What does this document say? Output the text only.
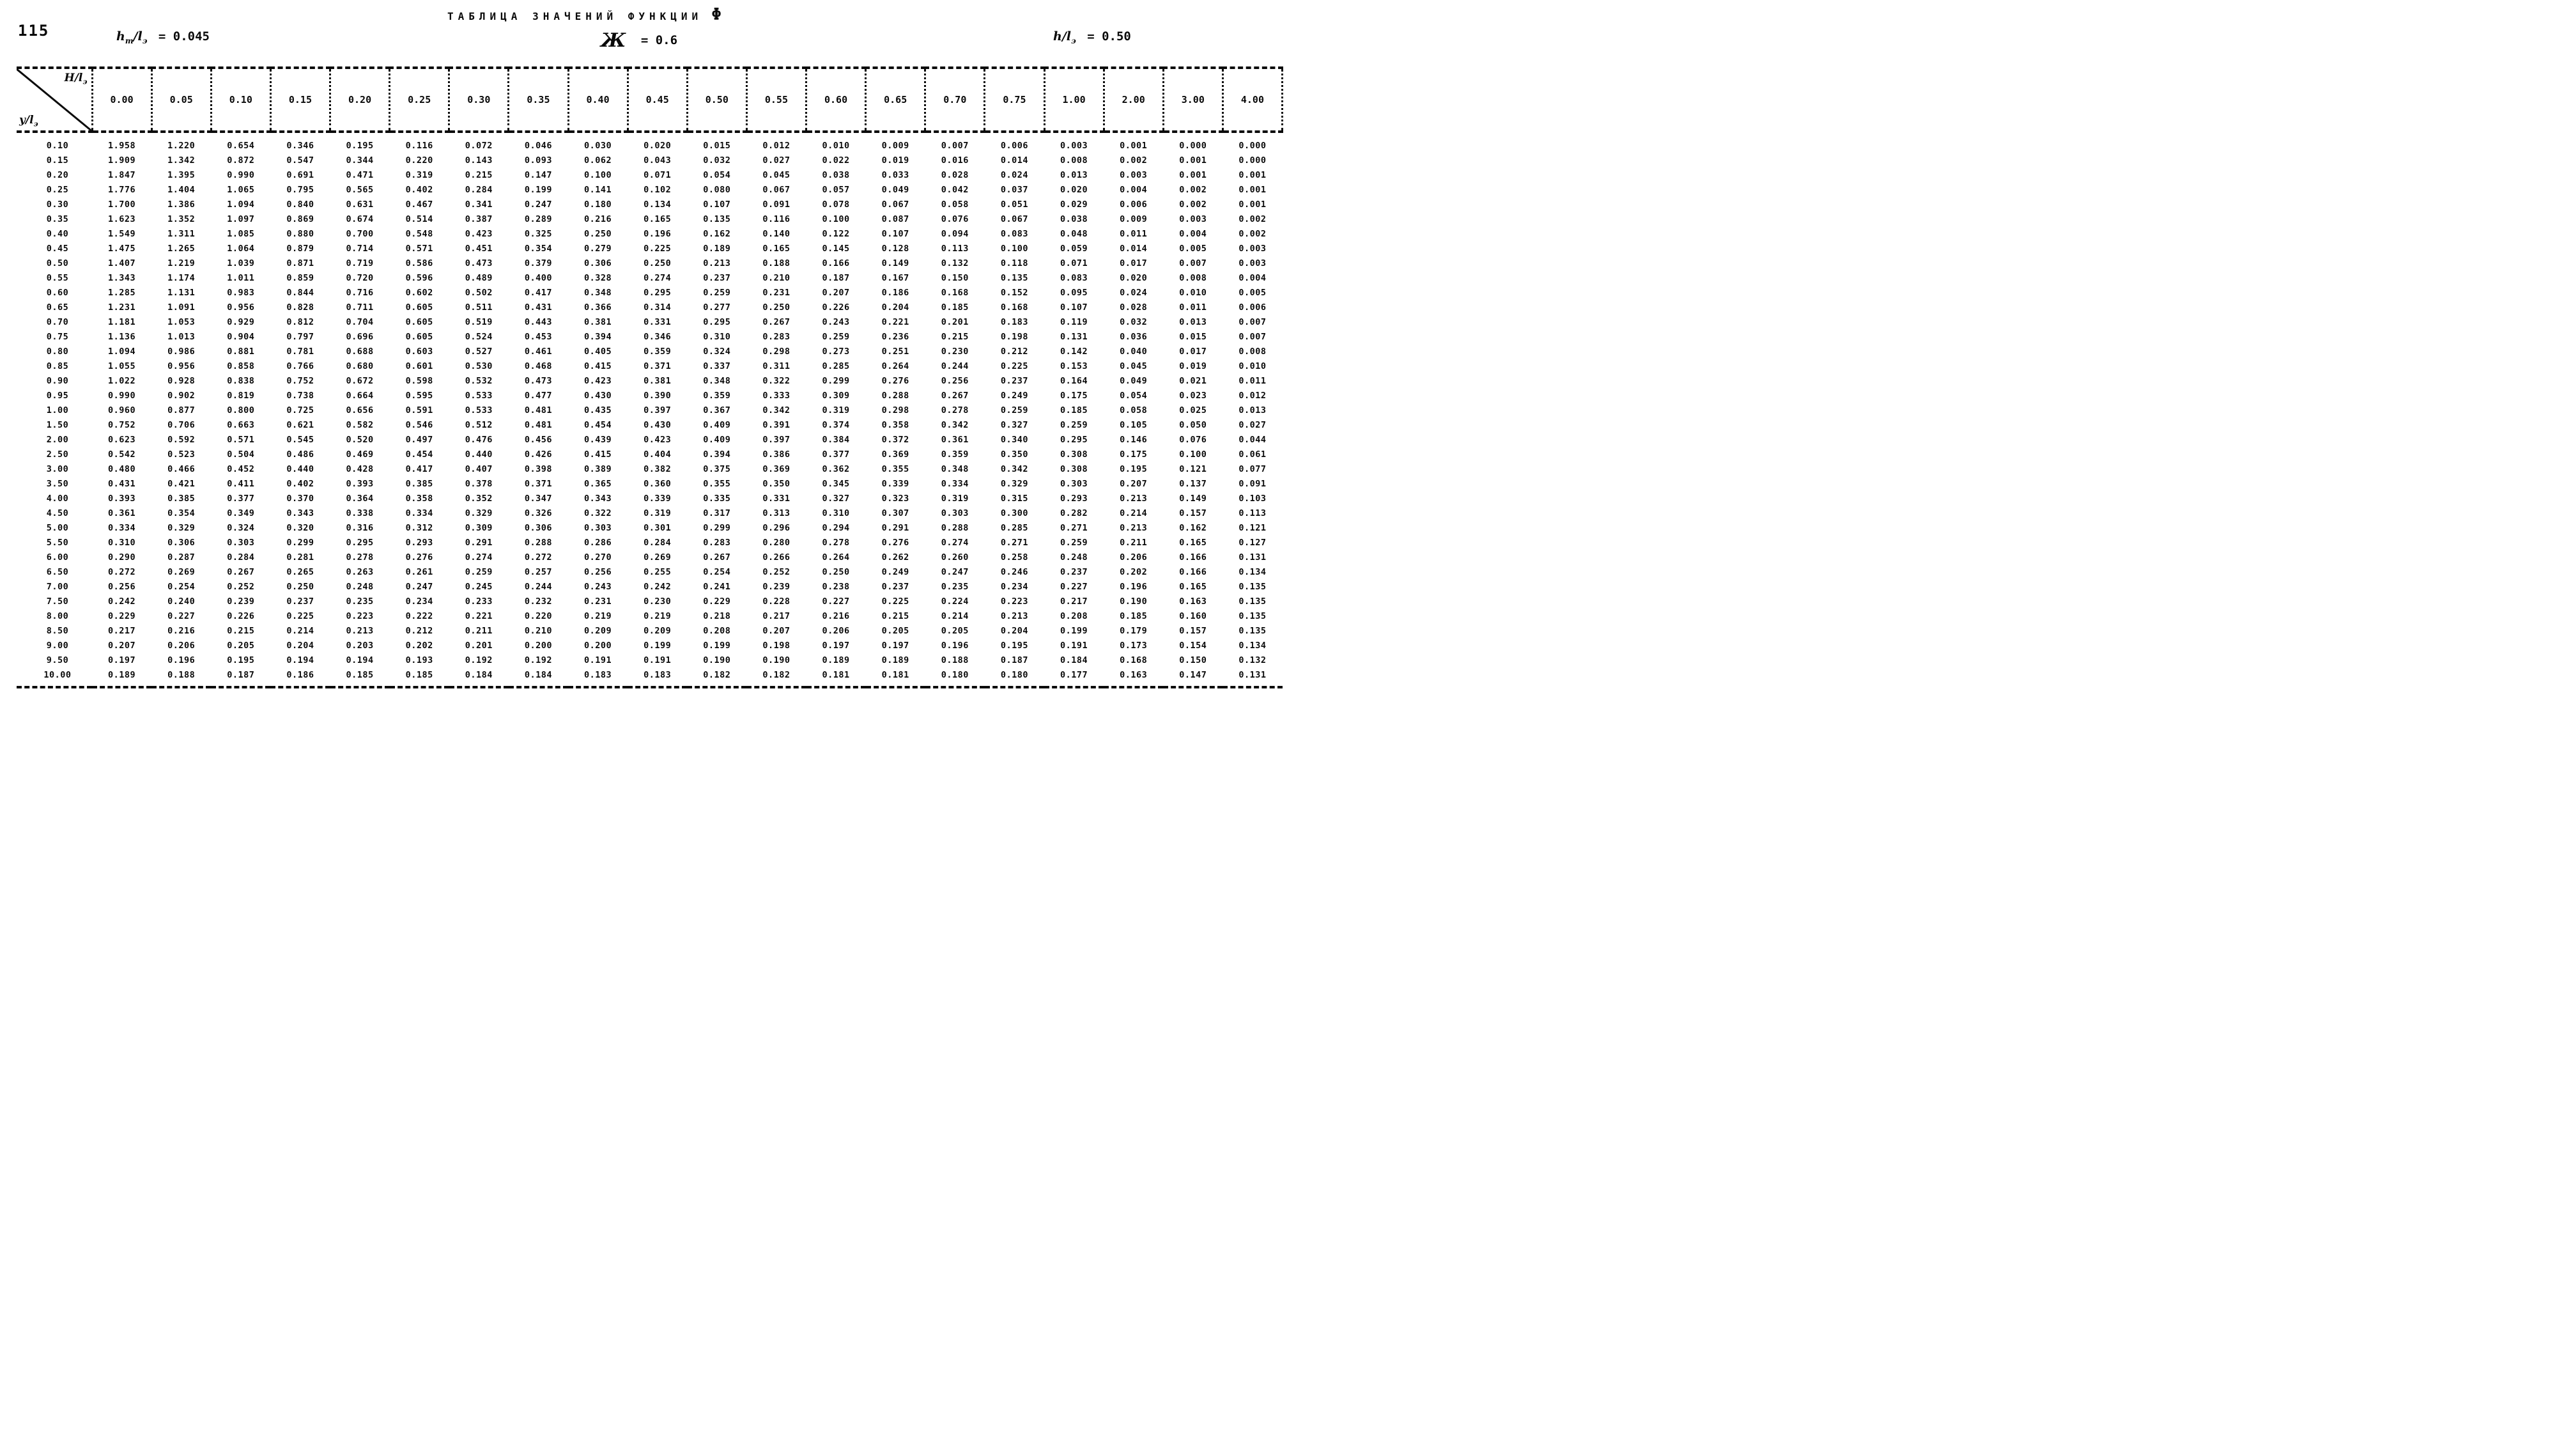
115
ТАБЛИЦА ЗНАЧЕНИЙ ФУНКЦИИ Φ
$h_т/l_э = 0.045$	Ж = 0.6	$h/l_э = 0.50$
$H/l_э$
$y/l_э$	0.00	0.05	0.10	0.15	0.20	0.25	0.30	0.35	0.40	0.45	0.50	0.55	0.60	0.65	0.70	0.75	1.00	2.00	3.00	4.00
0.10	1.958	1.220	0.654	0.346	0.195	0.116	0.072	0.046	0.030	0.020	0.015	0.012	0.010	0.009	0.007	0.006	0.003	0.001	0.000	0.000
0.15	1.909	1.342	0.872	0.547	0.344	0.220	0.143	0.093	0.062	0.043	0.032	0.027	0.022	0.019	0.016	0.014	0.008	0.002	0.001	0.000
0.20	1.847	1.395	0.990	0.691	0.471	0.319	0.215	0.147	0.100	0.071	0.054	0.045	0.038	0.033	0.028	0.024	0.013	0.003	0.001	0.001
0.25	1.776	1.404	1.065	0.795	0.565	0.402	0.284	0.199	0.141	0.102	0.080	0.067	0.057	0.049	0.042	0.037	0.020	0.004	0.002	0.001
0.30	1.700	1.386	1.094	0.840	0.631	0.467	0.341	0.247	0.180	0.134	0.107	0.091	0.078	0.067	0.058	0.051	0.029	0.006	0.002	0.001
0.35	1.623	1.352	1.097	0.869	0.674	0.514	0.387	0.289	0.216	0.165	0.135	0.116	0.100	0.087	0.076	0.067	0.038	0.009	0.003	0.002
0.40	1.549	1.311	1.085	0.880	0.700	0.548	0.423	0.325	0.250	0.196	0.162	0.140	0.122	0.107	0.094	0.083	0.048	0.011	0.004	0.002
0.45	1.475	1.265	1.064	0.879	0.714	0.571	0.451	0.354	0.279	0.225	0.189	0.165	0.145	0.128	0.113	0.100	0.059	0.014	0.005	0.003
0.50	1.407	1.219	1.039	0.871	0.719	0.586	0.473	0.379	0.306	0.250	0.213	0.188	0.166	0.149	0.132	0.118	0.071	0.017	0.007	0.003
0.55	1.343	1.174	1.011	0.859	0.720	0.596	0.489	0.400	0.328	0.274	0.237	0.210	0.187	0.167	0.150	0.135	0.083	0.020	0.008	0.004
0.60	1.285	1.131	0.983	0.844	0.716	0.602	0.502	0.417	0.348	0.295	0.259	0.231	0.207	0.186	0.168	0.152	0.095	0.024	0.010	0.005
0.65	1.231	1.091	0.956	0.828	0.711	0.605	0.511	0.431	0.366	0.314	0.277	0.250	0.226	0.204	0.185	0.168	0.107	0.028	0.011	0.006
0.70	1.181	1.053	0.929	0.812	0.704	0.605	0.519	0.443	0.381	0.331	0.295	0.267	0.243	0.221	0.201	0.183	0.119	0.032	0.013	0.007
0.75	1.136	1.013	0.904	0.797	0.696	0.605	0.524	0.453	0.394	0.346	0.310	0.283	0.259	0.236	0.215	0.198	0.131	0.036	0.015	0.007
0.80	1.094	0.986	0.881	0.781	0.688	0.603	0.527	0.461	0.405	0.359	0.324	0.298	0.273	0.251	0.230	0.212	0.142	0.040	0.017	0.008
0.85	1.055	0.956	0.858	0.766	0.680	0.601	0.530	0.468	0.415	0.371	0.337	0.311	0.285	0.264	0.244	0.225	0.153	0.045	0.019	0.010
0.90	1.022	0.928	0.838	0.752	0.672	0.598	0.532	0.473	0.423	0.381	0.348	0.322	0.299	0.276	0.256	0.237	0.164	0.049	0.021	0.011
0.95	0.990	0.902	0.819	0.738	0.664	0.595	0.533	0.477	0.430	0.390	0.359	0.333	0.309	0.288	0.267	0.249	0.175	0.054	0.023	0.012
1.00	0.960	0.877	0.800	0.725	0.656	0.591	0.533	0.481	0.435	0.397	0.367	0.342	0.319	0.298	0.278	0.259	0.185	0.058	0.025	0.013
1.50	0.752	0.706	0.663	0.621	0.582	0.546	0.512	0.481	0.454	0.430	0.409	0.391	0.374	0.358	0.342	0.327	0.259	0.105	0.050	0.027
2.00	0.623	0.592	0.571	0.545	0.520	0.497	0.476	0.456	0.439	0.423	0.409	0.397	0.384	0.372	0.361	0.340	0.295	0.146	0.076	0.044
2.50	0.542	0.523	0.504	0.486	0.469	0.454	0.440	0.426	0.415	0.404	0.394	0.386	0.377	0.369	0.359	0.350	0.308	0.175	0.100	0.061
3.00	0.480	0.466	0.452	0.440	0.428	0.417	0.407	0.398	0.389	0.382	0.375	0.369	0.362	0.355	0.348	0.342	0.308	0.195	0.121	0.077
3.50	0.431	0.421	0.411	0.402	0.393	0.385	0.378	0.371	0.365	0.360	0.355	0.350	0.345	0.339	0.334	0.329	0.303	0.207	0.137	0.091
4.00	0.393	0.385	0.377	0.370	0.364	0.358	0.352	0.347	0.343	0.339	0.335	0.331	0.327	0.323	0.319	0.315	0.293	0.213	0.149	0.103
4.50	0.361	0.354	0.349	0.343	0.338	0.334	0.329	0.326	0.322	0.319	0.317	0.313	0.310	0.307	0.303	0.300	0.282	0.214	0.157	0.113
5.00	0.334	0.329	0.324	0.320	0.316	0.312	0.309	0.306	0.303	0.301	0.299	0.296	0.294	0.291	0.288	0.285	0.271	0.213	0.162	0.121
5.50	0.310	0.306	0.303	0.299	0.295	0.293	0.291	0.288	0.286	0.284	0.283	0.280	0.278	0.276	0.274	0.271	0.259	0.211	0.165	0.127
6.00	0.290	0.287	0.284	0.281	0.278	0.276	0.274	0.272	0.270	0.269	0.267	0.266	0.264	0.262	0.260	0.258	0.248	0.206	0.166	0.131
6.50	0.272	0.269	0.267	0.265	0.263	0.261	0.259	0.257	0.256	0.255	0.254	0.252	0.250	0.249	0.247	0.246	0.237	0.202	0.166	0.134
7.00	0.256	0.254	0.252	0.250	0.248	0.247	0.245	0.244	0.243	0.242	0.241	0.239	0.238	0.237	0.235	0.234	0.227	0.196	0.165	0.135
7.50	0.242	0.240	0.239	0.237	0.235	0.234	0.233	0.232	0.231	0.230	0.229	0.228	0.227	0.225	0.224	0.223	0.217	0.190	0.163	0.135
8.00	0.229	0.227	0.226	0.225	0.223	0.222	0.221	0.220	0.219	0.219	0.218	0.217	0.216	0.215	0.214	0.213	0.208	0.185	0.160	0.135
8.50	0.217	0.216	0.215	0.214	0.213	0.212	0.211	0.210	0.209	0.209	0.208	0.207	0.206	0.205	0.205	0.204	0.199	0.179	0.157	0.135
9.00	0.207	0.206	0.205	0.204	0.203	0.202	0.201	0.200	0.200	0.199	0.199	0.198	0.197	0.197	0.196	0.195	0.191	0.173	0.154	0.134
9.50	0.197	0.196	0.195	0.194	0.194	0.193	0.192	0.192	0.191	0.191	0.190	0.190	0.189	0.189	0.188	0.187	0.184	0.168	0.150	0.132
10.00	0.189	0.188	0.187	0.186	0.185	0.185	0.184	0.184	0.183	0.183	0.182	0.182	0.181	0.181	0.180	0.180	0.177	0.163	0.147	0.131
